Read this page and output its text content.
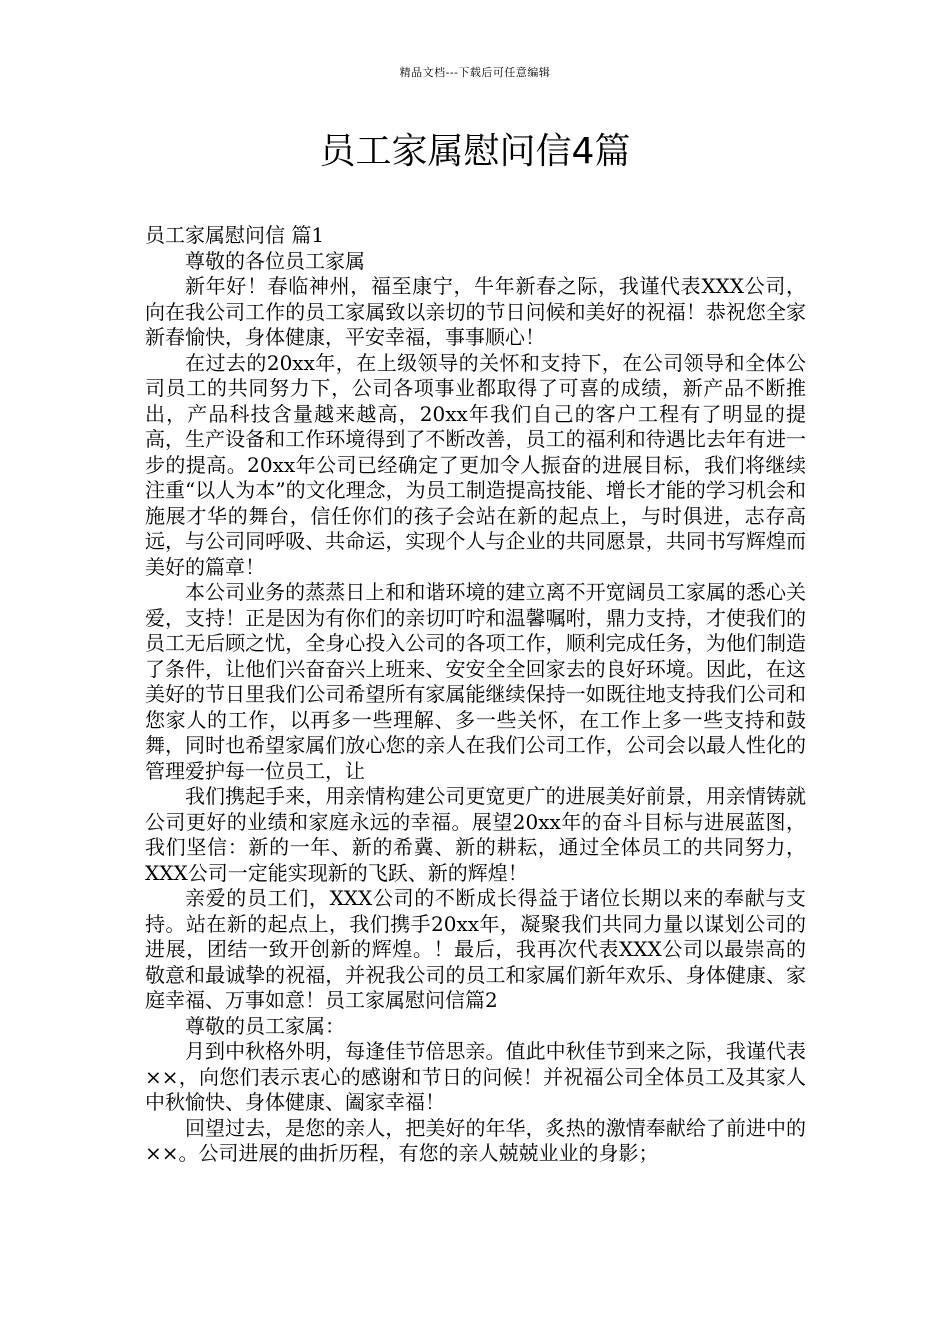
精品文档---下载后可任意编辑
员工家属慰问信4篇

员工家属慰问信 篇1

尊敬的各位员工家属

新年好！春临神州，福至康宁，牛年新春之际，我谨代表XXX公司，向在我公司工作的员工家属致以亲切的节日问候和美好的祝福！恭祝您全家新春愉快，身体健康，平安幸福，事事顺心！

在过去的20xx年，在上级领导的关怀和支持下，在公司领导和全体公司员工的共同努力下，公司各项事业都取得了可喜的成绩，新产品不断推出，产品科技含量越来越高，20xx年我们自己的客户工程有了明显的提高，生产设备和工作环境得到了不断改善，员工的福利和待遇比去年有进一步的提高。20xx年公司已经确定了更加令人振奋的进展目标，我们将继续注重“以人为本”的文化理念，为员工制造提高技能、增长才能的学习机会和施展才华的舞台，信任你们的孩子会站在新的起点上，与时俱进，志存高远，与公司同呼吸、共命运，实现个人与企业的共同愿景，共同书写辉煌而美好的篇章！

本公司业务的蒸蒸日上和和谐环境的建立离不开宽阔员工家属的悉心关爱，支持！正是因为有你们的亲切叮咛和温馨嘱咐，鼎力支持，才使我们的员工无后顾之忧，全身心投入公司的各项工作，顺利完成任务，为他们制造了条件，让他们兴奋奋兴上班来、安安全全回家去的良好环境。因此，在这美好的节日里我们公司希望所有家属能继续保持一如既往地支持我们公司和您家人的工作，以再多一些理解、多一些关怀，在工作上多一些支持和鼓舞，同时也希望家属们放心您的亲人在我们公司工作，公司会以最人性化的管理爱护每一位员工，让

我们携起手来，用亲情构建公司更宽更广的进展美好前景，用亲情铸就公司更好的业绩和家庭永远的幸福。展望20xx年的奋斗目标与进展蓝图，我们坚信：新的一年、新的希冀、新的耕耘，通过全体员工的共同努力，XXX公司一定能实现新的飞跃、新的辉煌！

亲爱的员工们，XXX公司的不断成长得益于诸位长期以来的奉献与支持。站在新的起点上，我们携手20xx年，凝聚我们共同力量以谋划公司的进展，团结一致开创新的辉煌。！最后，我再次代表XXX公司以最崇高的敬意和最诚挚的祝福，并祝我公司的员工和家属们新年欢乐、身体健康、家庭幸福、万事如意！员工家属慰问信篇2

尊敬的员工家属：

月到中秋格外明，每逢佳节倍思亲。值此中秋佳节到来之际，我谨代表××，向您们表示衷心的感谢和节日的问候！并祝福公司全体员工及其家人中秋愉快、身体健康、阖家幸福！

回望过去，是您的亲人，把美好的年华，炙热的激情奉献给了前进中的××。公司进展的曲折历程，有您的亲人兢兢业业的身影；
